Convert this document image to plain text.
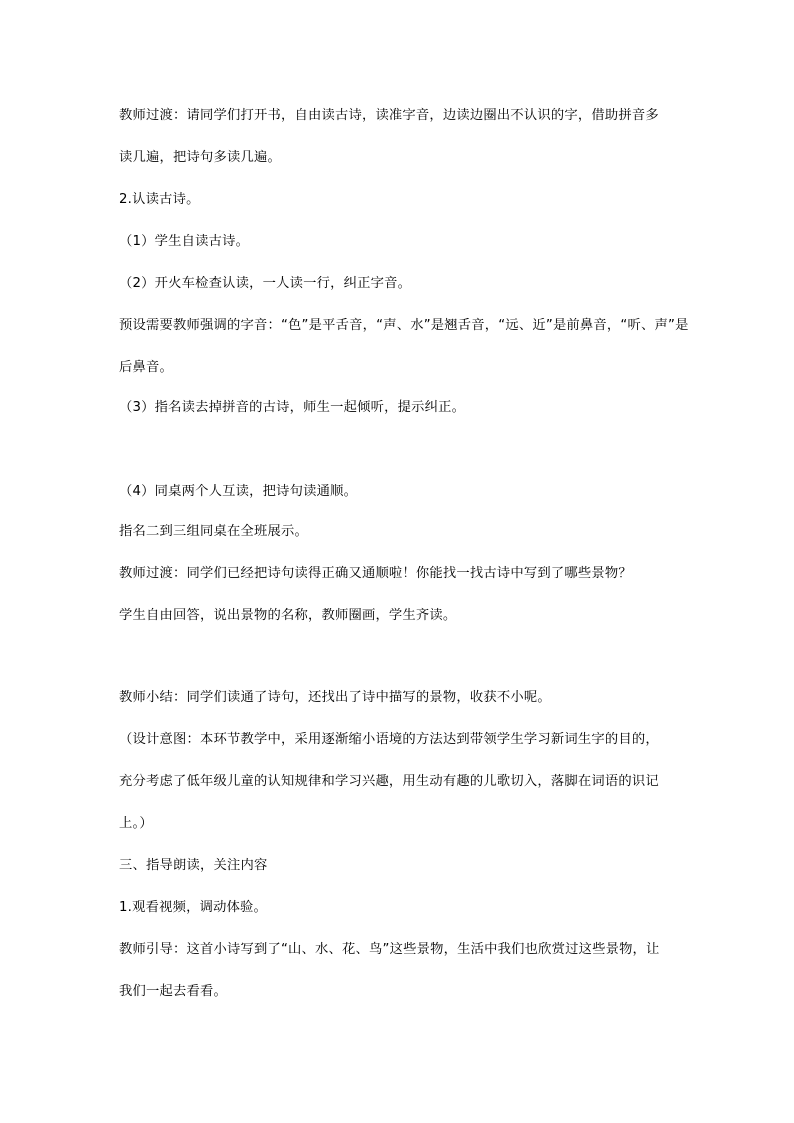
教师过渡：请同学们打开书，自由读古诗，读准字音，边读边圈出不认识的字，借助拼音多
读几遍，把诗句多读几遍。
2.认读古诗。
（1）学生自读古诗。
（2）开火车检查认读，一人读一行，纠正字音。
预设需要教师强调的字音：“色”是平舌音，“声、水”是翘舌音，“远、近”是前鼻音，“听、声”是
后鼻音。
（3）指名读去掉拼音的古诗，师生一起倾听，提示纠正。
（4）同桌两个人互读，把诗句读通顺。
指名二到三组同桌在全班展示。
教师过渡：同学们已经把诗句读得正确又通顺啦！你能找一找古诗中写到了哪些景物？
学生自由回答，说出景物的名称，教师圈画，学生齐读。
教师小结：同学们读通了诗句，还找出了诗中描写的景物，收获不小呢。
（设计意图：本环节教学中，采用逐渐缩小语境的方法达到带领学生学习新词生字的目的，
充分考虑了低年级儿童的认知规律和学习兴趣，用生动有趣的儿歌切入，落脚在词语的识记
上。）
三、指导朗读，关注内容
1.观看视频，调动体验。
教师引导：这首小诗写到了“山、水、花、鸟”这些景物，生活中我们也欣赏过这些景物，让
我们一起去看看。
